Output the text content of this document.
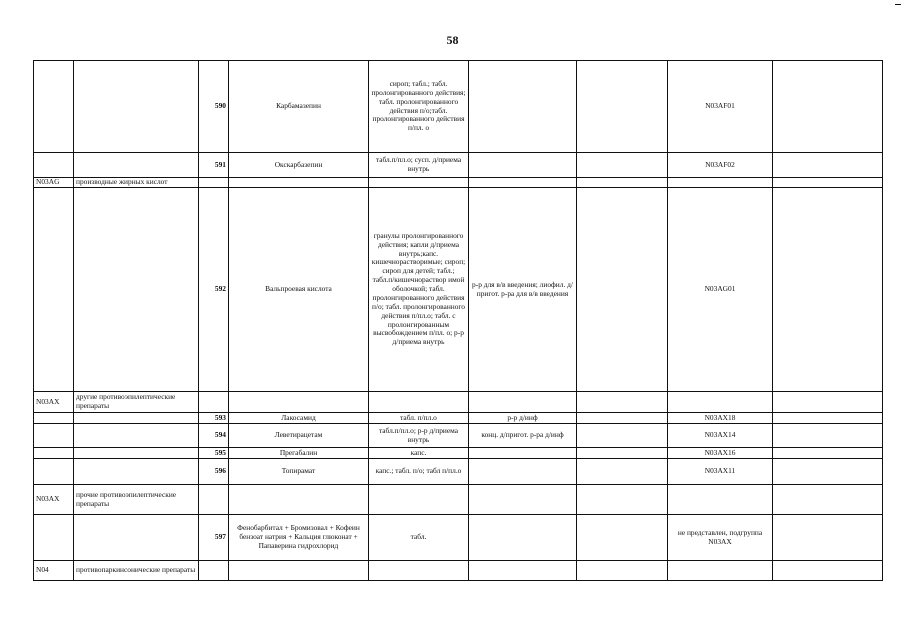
58
		590	Карбамазепин	сироп; табл.; табл. пролонгированного действия; табл. пролонгированного действия п/о;табл. пролонгированного действия п/пл. о			N03AF01	
		591	Окскарбазепин	табл.п/пл.о; сусп. д/приема внутрь			N03AF02	
N03AG	производные жирных кислот							
		592	Вальпроевая кислота	гранулы пролонгированного действия; капли д/приема внутрь;капс. кишечнорастворимые; сироп; сироп для детей; табл.; табл.п/кишечнораствор имой оболочкой; табл. пролонгированного действия п/о; табл. пролонгированного действия п/пл.о; табл. с пролонгированным высвобождением п/пл. о; р-р д/приема внутрь	р-р для в/в введения; лиофил. д/пригот. р-ра для в/в введения		N03AG01	
N03AX	другие противоэпилептические препараты							
		593	Лакосамид	табл. п/пл.о	р-р д/инф		N03AX18	
		594	Леветирацетам	табл.п/пл.о; р-р д/приема внутрь	конц. д/пригот. р-ра д/инф		N03AX14	
		595	Прегабалин	капс.			N03AX16	
		596	Топирамат	капс.; табл. п/о; табл п/пл.о			N03AX11	
N03AX	прочие противоэпилептические препараты							
		597	Фенобарбитал + Бромизовал + Кофеин бензоат натрия + Кальция глюконат + Папаверина гидрохлорид	табл.			не представлен, подгруппа N03AX	
N04	противопаркинсонические препараты							
